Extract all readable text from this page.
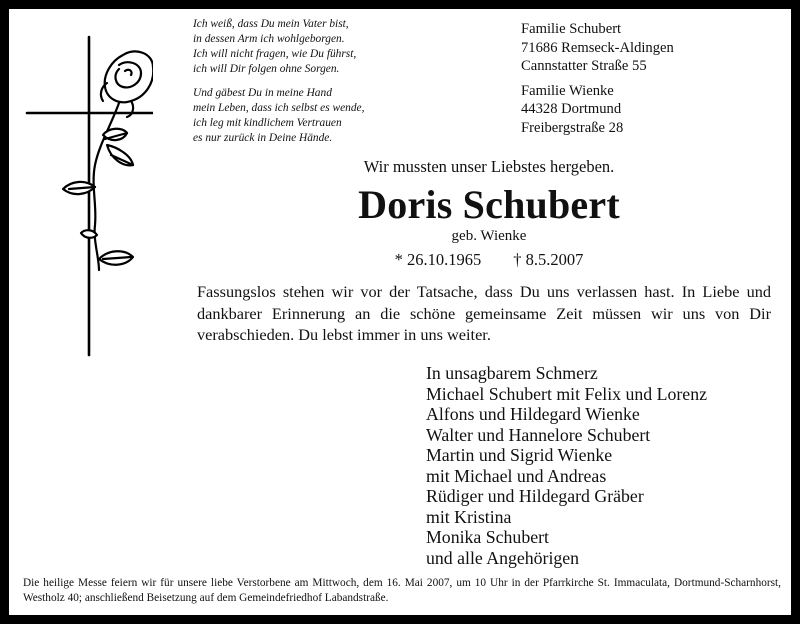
Ich weiß, dass Du mein Vater bist,
in dessen Arm ich wohlgeborgen.
Ich will nicht fragen, wie Du führst,
ich will Dir folgen ohne Sorgen.
Und gäbest Du in meine Hand
mein Leben, dass ich selbst es wende,
ich leg mit kindlichem Vertrauen
es nur zurück in Deine Hände.
Familie Schubert
71686 Remseck-Aldingen
Cannstatter Straße 55
Familie Wienke
44328 Dortmund
Freibergstraße 28
Wir mussten unser Liebstes hergeben.
Doris Schubert
geb. Wienke
* 26.10.1965 † 8.5.2007
Fassungslos stehen wir vor der Tatsache, dass Du uns verlassen hast. In Liebe und dankbarer Erinnerung an die schöne gemeinsame Zeit müssen wir uns von Dir verabschieden. Du lebst immer in uns weiter.
In unsagbarem Schmerz
Michael Schubert mit Felix und Lorenz
Alfons und Hildegard Wienke
Walter und Hannelore Schubert
Martin und Sigrid Wienke
mit Michael und Andreas
Rüdiger und Hildegard Gräber
mit Kristina
Monika Schubert
und alle Angehörigen
Die heilige Messe feiern wir für unsere liebe Verstorbene am Mittwoch, dem 16. Mai 2007, um 10 Uhr in der Pfarrkirche St. Immaculata, Dortmund-Scharnhorst, Westholz 40; anschließend Beisetzung auf dem Gemeindefriedhof Labandstraße.
